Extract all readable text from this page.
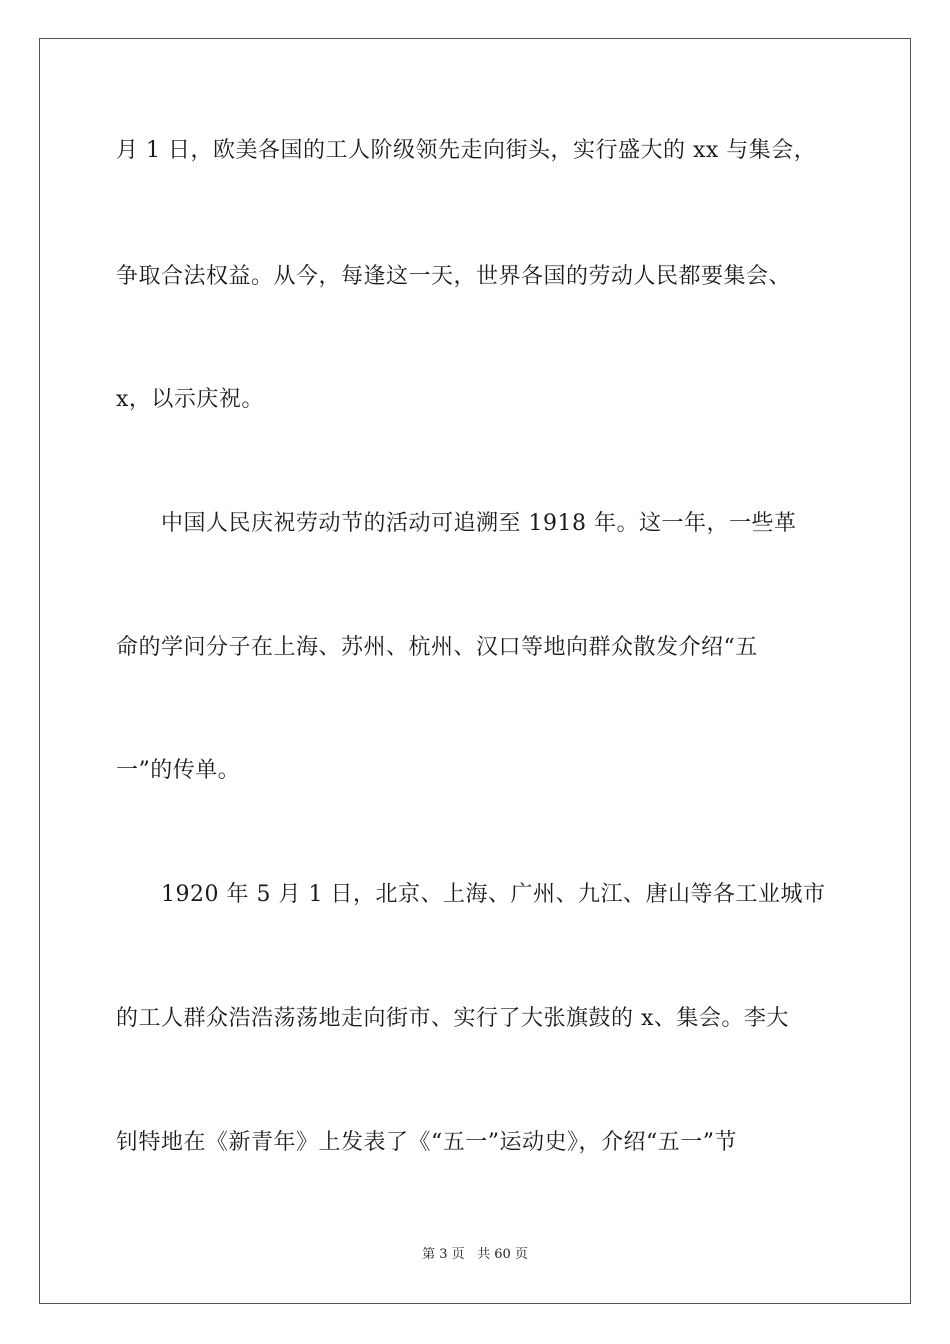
月 1 日，欧美各国的工人阶级领先走向街头，实行盛大的 xx 与集会，
争取合法权益。从今，每逢这一天，世界各国的劳动人民都要集会、
x，以示庆祝。
　　中国人民庆祝劳动节的活动可追溯至 1918 年。这一年，一些革
命的学问分子在上海、苏州、杭州、汉口等地向群众散发介绍“五
一”的传单。
　　1920 年 5 月 1 日，北京、上海、广州、九江、唐山等各工业城市
的工人群众浩浩荡荡地走向街市、实行了大张旗鼓的 x、集会。李大
钊特地在《新青年》上发表了《“五一”运动史》，介绍“五一”节
第 3 页 共 60 页
